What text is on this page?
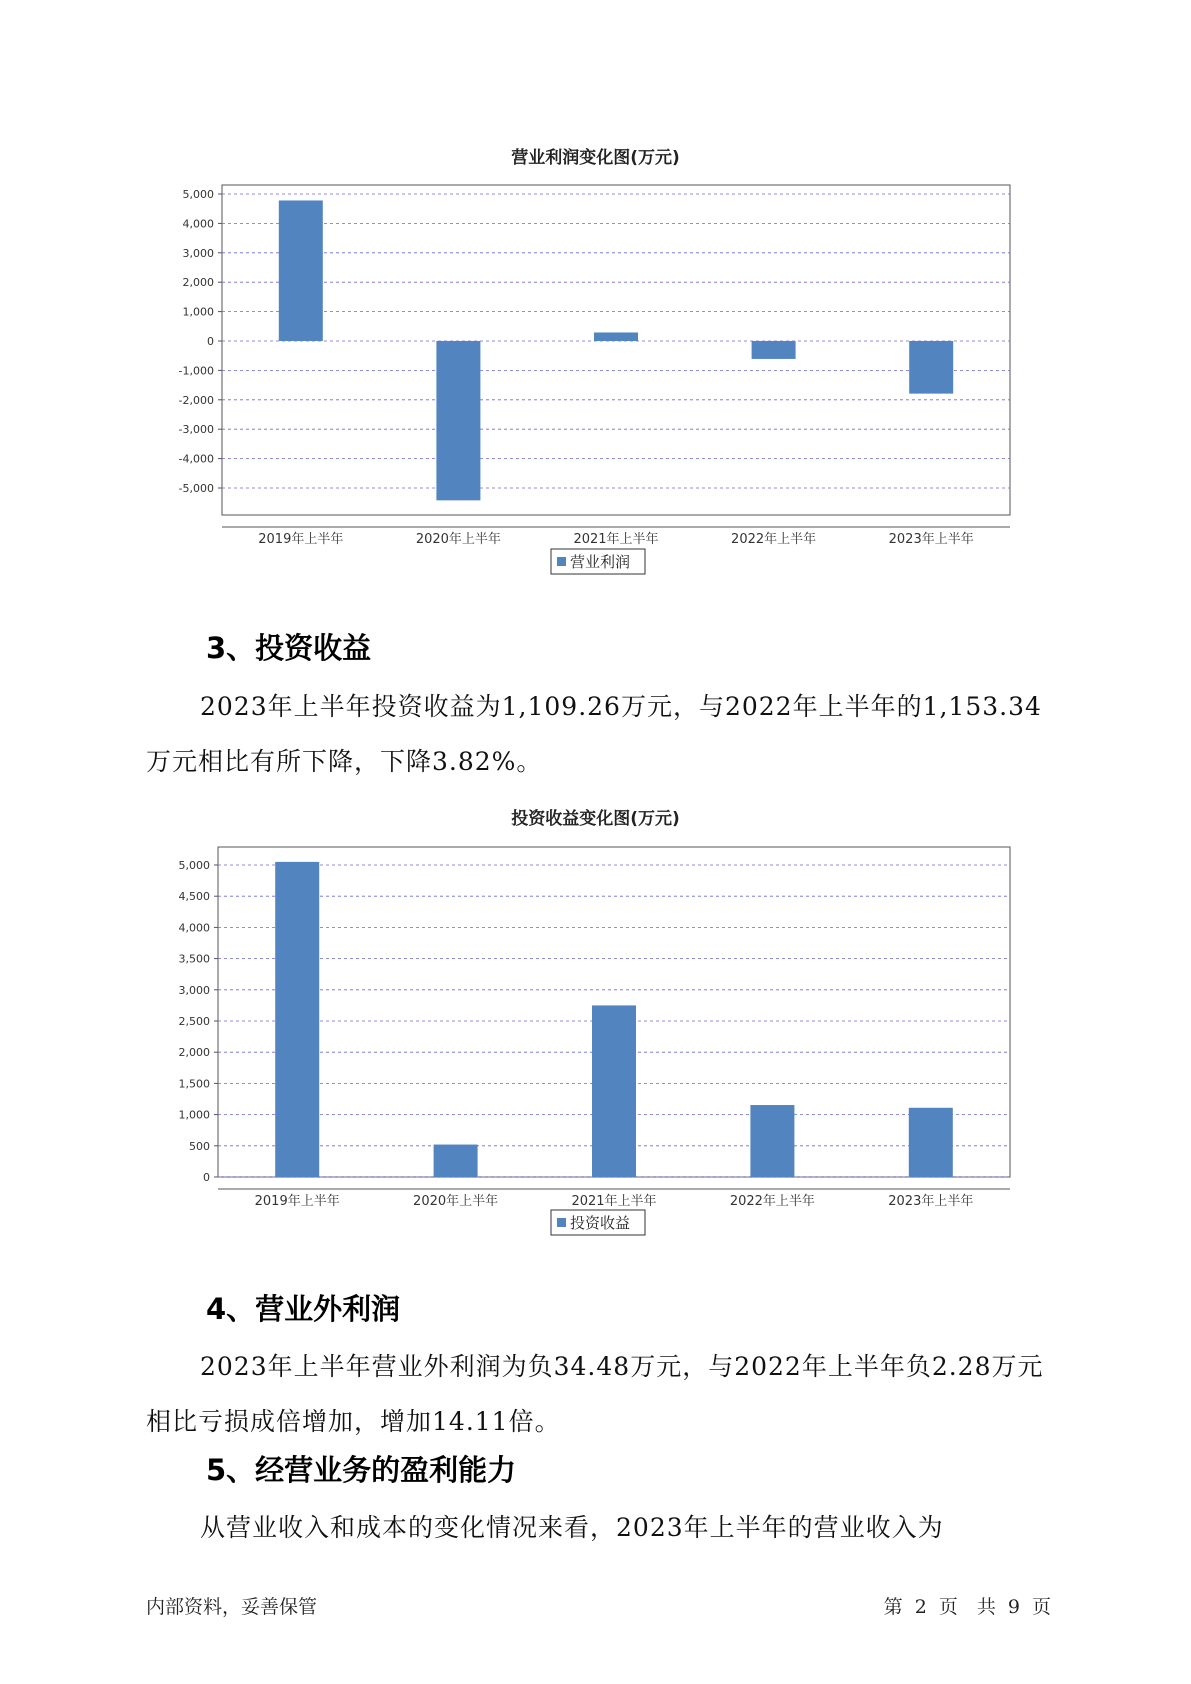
营业利润变化图(万元)
5,000
4,000
3,000
2,000
1,000
0
-1,000
-2,000
-3,000
-4,000
-5,000
2019年上半年	2020年上半年	2021年上半年	2022年上半年	2023年上半年
营业利润
3、投资收益

2023年上半年投资收益为1,109.26万元，与2022年上半年的1,153.34万元相比有所下降，下降3.82%。

投资收益变化图(万元)
5,000
4,500
4,000
3,500
3,000
2,500
2,000
1,500
1,000
500
0
2019年上半年	2020年上半年	2021年上半年	2022年上半年	2023年上半年
投资收益
4、营业外利润

2023年上半年营业外利润为负34.48万元，与2022年上半年负2.28万元相比亏损成倍增加，增加14.11倍。

5、经营业务的盈利能力

从营业收入和成本的变化情况来看，2023年上半年的营业收入为

内部资料，妥善保管	第 2 页　共 9 页
